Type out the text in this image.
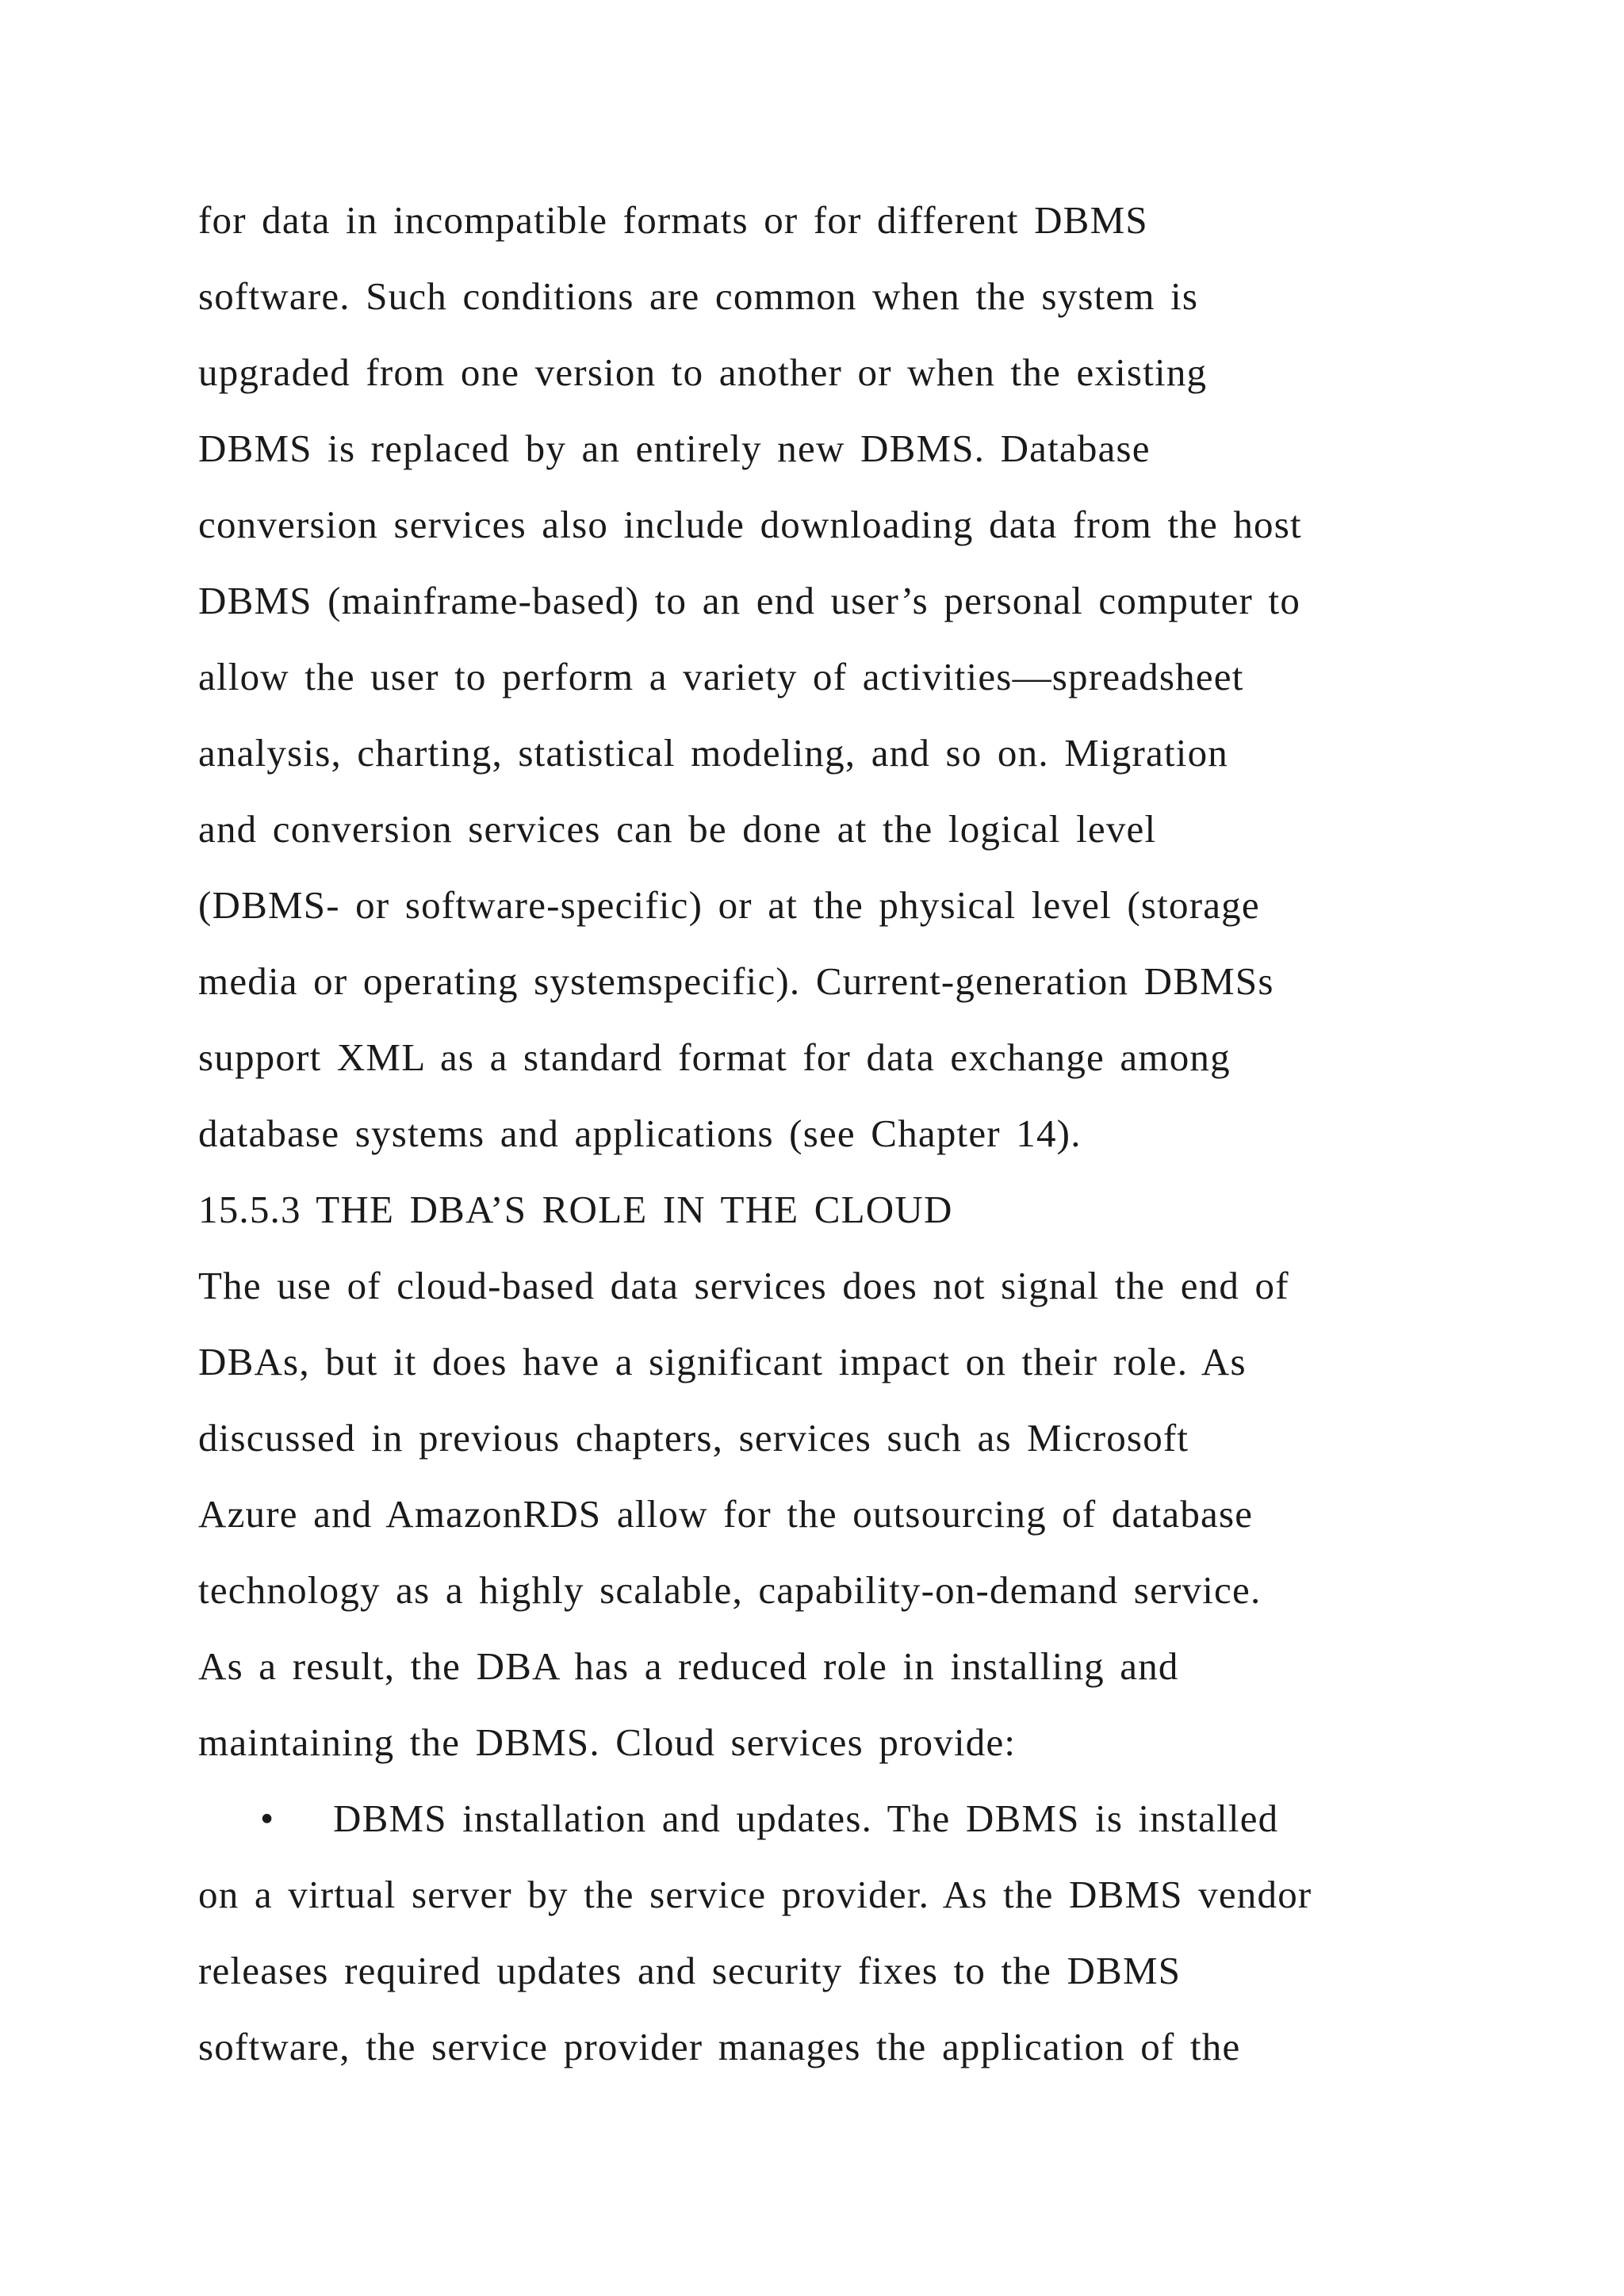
for data in incompatible formats or for different DBMS
software. Such conditions are common when the system is
upgraded from one version to another or when the existing
DBMS is replaced by an entirely new DBMS. Database
conversion services also include downloading data from the host
DBMS (mainframe-based) to an end user’s personal computer to
allow the user to perform a variety of activities—spreadsheet
analysis, charting, statistical modeling, and so on. Migration
and conversion services can be done at the logical level
(DBMS- or software-specific) or at the physical level (storage
media or operating systemspecific). Current-generation DBMSs
support XML as a standard format for data exchange among
database systems and applications (see Chapter 14).
15.5.3 THE DBA’S ROLE IN THE CLOUD
The use of cloud-based data services does not signal the end of
DBAs, but it does have a significant impact on their role. As
discussed in previous chapters, services such as Microsoft
Azure and AmazonRDS allow for the outsourcing of database
technology as a highly scalable, capability-on-demand service.
As a result, the DBA has a reduced role in installing and
maintaining the DBMS. Cloud services provide:
• DBMS installation and updates. The DBMS is installed
on a virtual server by the service provider. As the DBMS vendor
releases required updates and security fixes to the DBMS
software, the service provider manages the application of the
